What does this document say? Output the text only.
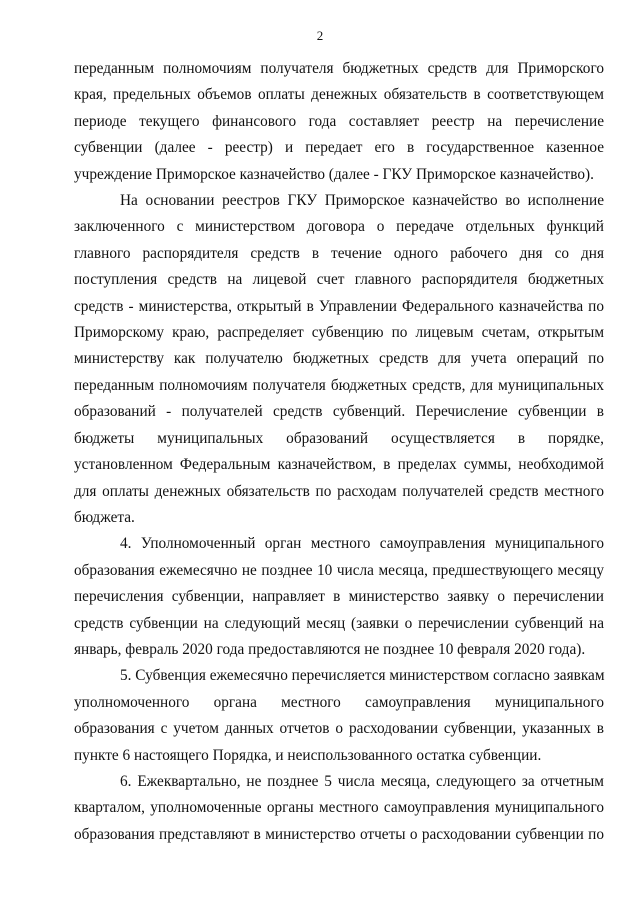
2

переданным полномочиям получателя бюджетных средств для Приморского
края, предельных объемов оплаты денежных обязательств в соответствующем
периоде текущего финансового года составляет реестр на перечисление
субвенции (далее - реестр) и передает его в государственное казенное
учреждение Приморское казначейство (далее - ГКУ Приморское казначейство).

На основании реестров ГКУ Приморское казначейство во исполнение
заключенного с министерством договора о передаче отдельных функций
главного распорядителя средств в течение одного рабочего дня со дня
поступления средств на лицевой счет главного распорядителя бюджетных
средств - министерства, открытый в Управлении Федерального казначейства по
Приморскому краю, распределяет субвенцию по лицевым счетам, открытым
министерству как получателю бюджетных средств для учета операций по
переданным полномочиям получателя бюджетных средств, для муниципальных
образований - получателей средств субвенций. Перечисление субвенции в
бюджеты муниципальных образований осуществляется в порядке,
установленном Федеральным казначейством, в пределах суммы, необходимой
для оплаты денежных обязательств по расходам получателей средств местного
бюджета.

4. Уполномоченный орган местного самоуправления муниципального
образования ежемесячно не позднее 10 числа месяца, предшествующего месяцу
перечисления субвенции, направляет в министерство заявку о перечислении
средств субвенции на следующий месяц (заявки о перечислении субвенций на
январь, февраль 2020 года предоставляются не позднее 10 февраля 2020 года).

5. Субвенция ежемесячно перечисляется министерством согласно заявкам
уполномоченного органа местного самоуправления муниципального
образования с учетом данных отчетов о расходовании субвенции, указанных в
пункте 6 настоящего Порядка, и неиспользованного остатка субвенции.

6. Ежеквартально, не позднее 5 числа месяца, следующего за отчетным
кварталом, уполномоченные органы местного самоуправления муниципального
образования представляют в министерство отчеты о расходовании субвенции по
